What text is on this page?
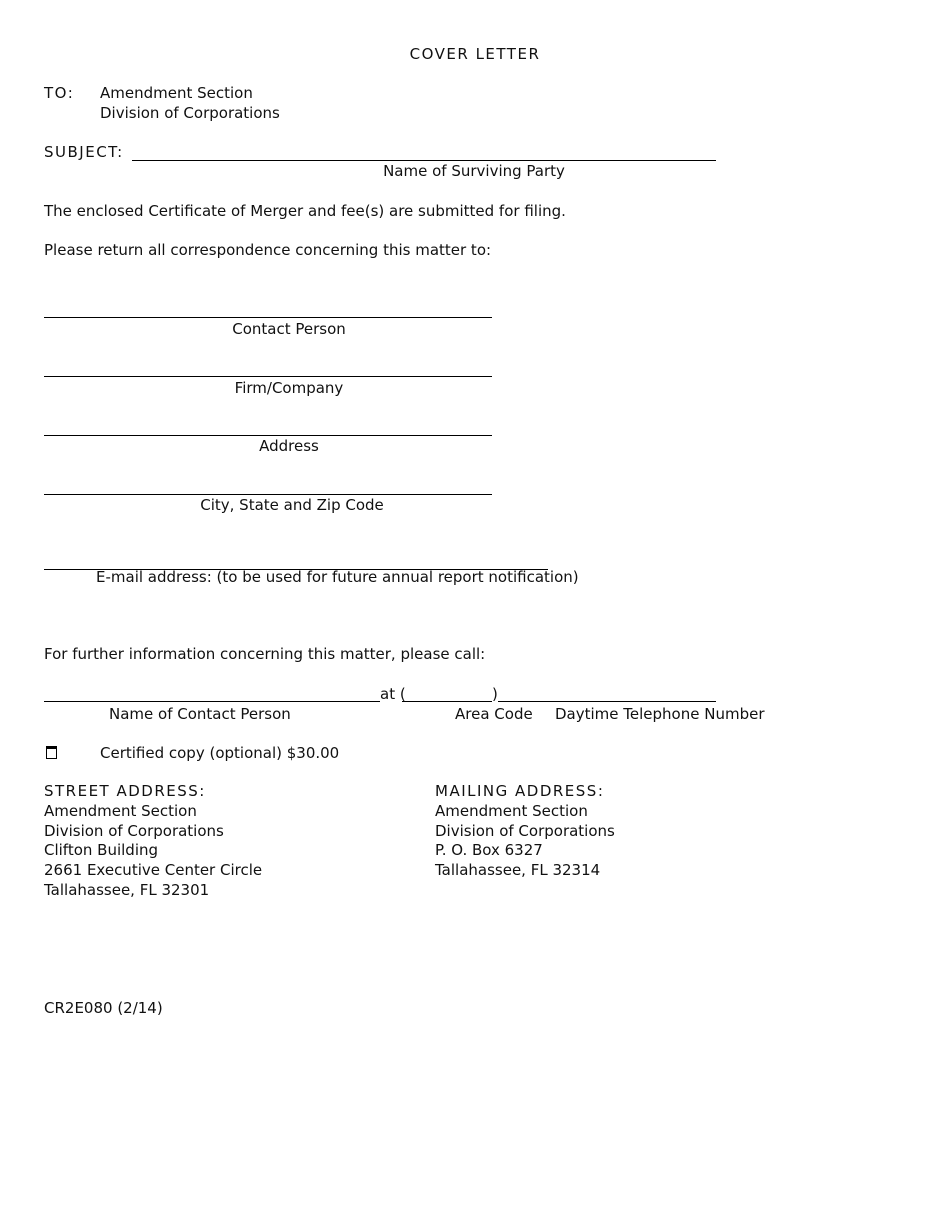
COVER LETTER
TO: Amendment Section
Division of Corporations
SUBJECT:
Name of Surviving Party
The enclosed Certificate of Merger and fee(s) are submitted for filing.
Please return all correspondence concerning this matter to:
Contact Person
Firm/Company
Address
City, State and Zip Code
E-mail address: (to be used for future annual report notification)
For further information concerning this matter, please call:
at (	)
Name of Contact Person	Area Code Daytime Telephone Number
Certified copy (optional) $30.00
STREET ADDRESS:
Amendment Section
Division of Corporations
Clifton Building
2661 Executive Center Circle
Tallahassee, FL 32301
MAILING ADDRESS:
Amendment Section
Division of Corporations
P. O. Box 6327
Tallahassee, FL 32314
CR2E080 (2/14)
